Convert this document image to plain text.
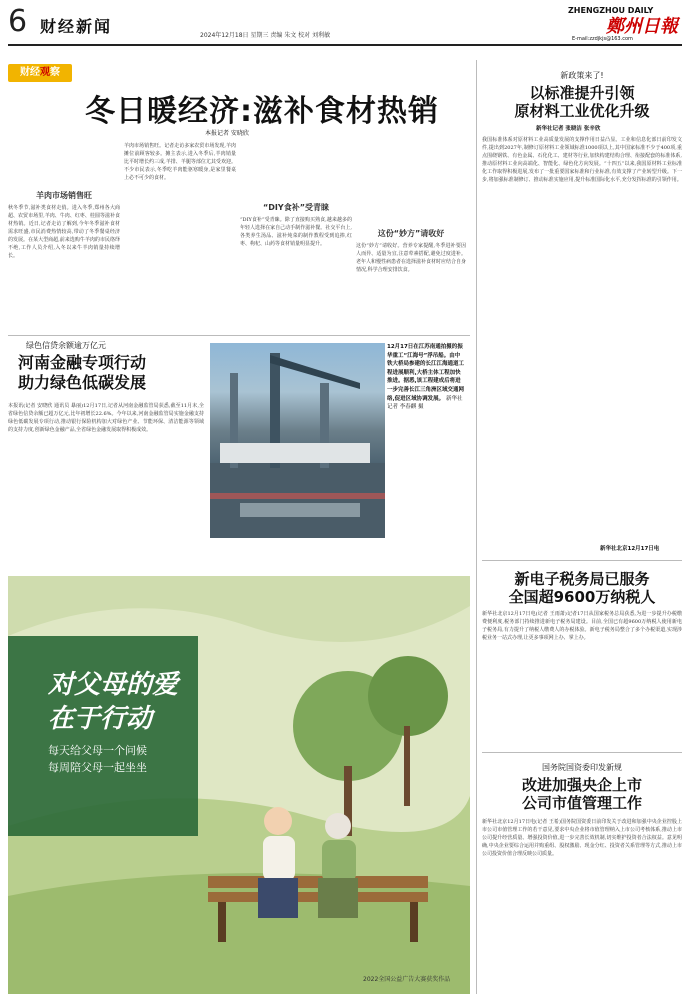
6 财经新闻	2024年12月18日 星期三 责编 朱文 校对 刘利敏
ZHENGZHOU DAILY
鄭州日報
E-mail:zzdjkjs@163.com
财经观察
冬日暖经济:滋补食材热销
本报记者 安晓欣
羊肉市场销售旺
秋冬季节,滋补类食材走俏。进入冬季,郑州各大商超、农贸市场里,羊肉、牛肉、红枣、桂圆等滋补食材热销。近日,记者走访了解到,今年冬季滋补食材需求旺盛,市民消费热情较高,带动了冬季餐桌经济的发展。在某大型商超,前来选购牛羊肉的市民络绎不绝,工作人员介绍,入冬以来牛羊肉销量持续增长。
羊肉市场销售旺。记者走访多家农贸市场发现,羊肉摊位前顾客较多。摊主表示,进入冬季后,羊肉销量比平时增长约三成,羊排、羊腿等部位尤其受欢迎。不少市民表示,冬季吃羊肉能驱寒暖身,是家里餐桌上必不可少的食材。
“DIY食补”受青睐
“DIY食补”受青睐。除了直接购买熟食,越来越多的年轻人选择在家自己动手制作滋补餐。社交平台上,各类养生汤品、滋补炖菜的制作教程受到追捧,红枣、枸杞、山药等食材销量明显提升。
这份“妙方”请收好
这份“妙方”请收好。营养专家提醒,冬季进补要因人而异、适量为宜,注意荤素搭配,避免过度进补。老年人和慢性病患者在选择滋补食材时应结合自身情况,科学合理安排饮食。
绿色信贷余额逾万亿元
河南金融专项行动
助力绿色低碳发展
本报讯(记者 安晓欣 通讯员 暴丽)12月17日,记者从河南金融监管局获悉,截至11月末,全省绿色信贷余额已超万亿元,比年初增长22.6%。今年以来,河南金融监管局实施金融支持绿色低碳发展专项行动,推动银行保险机构加大对绿色产业、节能环保、清洁能源等领域的支持力度,创新绿色金融产品,全省绿色金融发展取得积极成效。
12月17日在江苏南通拍摄的振华重工“江海号”浮吊船。由中铁大桥局参建的长江江海通道工程进展顺利,大桥主体工程加快推进。据悉,该工程建成后将进一步完善长江三角洲区域交通网络,促进区域协调发展。 新华社记者 李春麒 摄
对父母的爱
在于行动
每天给父母一个问候
每周陪父母一起坐坐
2022全国公益广告大赛获奖作品
新政策来了!
以标准提升引领
原材料工业优化升级
新华社记者 张晓洁 张辛欣
我国标准体系对原材料工业高质量发展的支撑作用日益凸显。工业和信息化部日前印发文件,提出到2027年,制修订原材料工业领域标准1000项以上,其中国家标准不少于400项,重点围绕钢铁、有色金属、石化化工、建材等行业,加快构建结构合理、衔接配套的标准体系,推动原材料工业向高端化、智能化、绿色化方向发展。“十四五”以来,我国原材料工业标准化工作取得积极进展,发布了一批重要国家标准和行业标准,有效支撑了产业转型升级。下一步,将加强标准制修订、推动标准实施应用,提升标准国际化水平,充分发挥标准的引领作用。
新华社北京12月17日电
新电子税务局已服务
全国超9600万纳税人
新华社北京12月17日电(记者 王雨萧)记者17日从国家税务总局获悉,为进一步提升办税缴费便利度,税务部门持续推进新电子税务局建设。目前,全国已有超9600万纳税人使用新电子税务局,有力提升了纳税人缴费人的办税体验。新电子税务局整合了多个办税渠道,实现涉税业务一站式办理,让更多事项网上办、掌上办。
国务院国资委印发新规
改进加强央企上市
公司市值管理工作
新华社北京12月17日电(记者 王希)国务院国资委日前印发关于改进和加强中央企业控股上市公司市值管理工作的若干意见,要求中央企业将市值管理纳入上市公司考核体系,推动上市公司提升经营质量、增强投资价值,进一步完善长效机制,切实维护投资者合法权益。意见明确,中央企业要综合运用并购重组、股权激励、现金分红、投资者关系管理等方式,推动上市公司投资价值合理反映公司质量。
